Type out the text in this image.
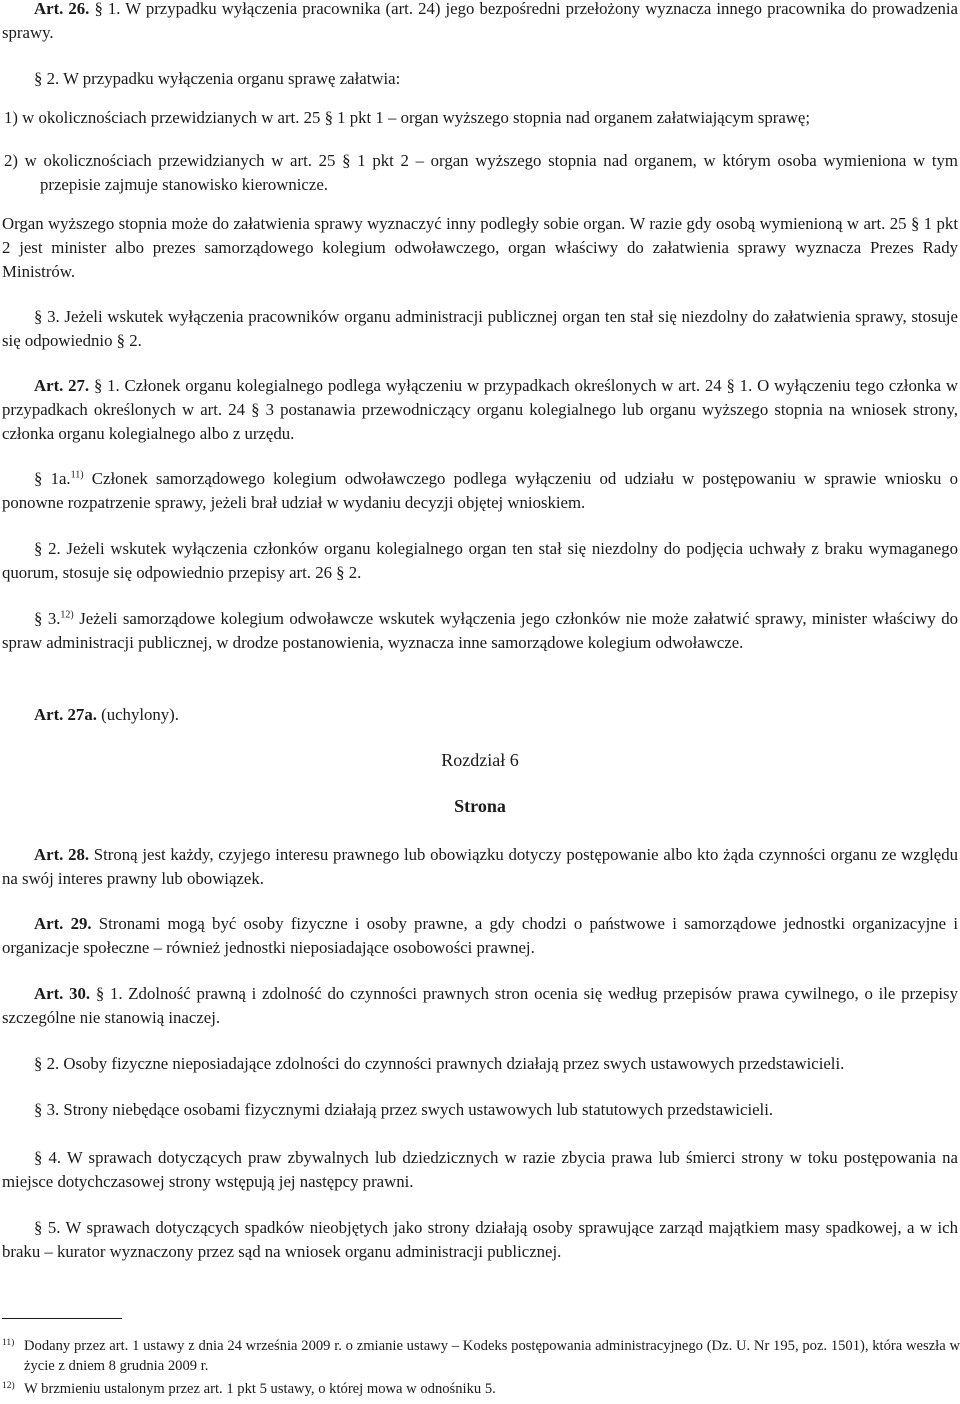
Art. 26. § 1. W przypadku wyłączenia pracownika (art. 24) jego bezpośredni przełożony wyznacza innego pracownika do prowadzenia sprawy.

§ 2. W przypadku wyłączenia organu sprawę załatwia:

1) w okolicznościach przewidzianych w art. 25 § 1 pkt 1 – organ wyższego stopnia nad organem załatwiającym sprawę;

2) w okolicznościach przewidzianych w art. 25 § 1 pkt 2 – organ wyższego stopnia nad organem, w którym osoba wymieniona w tym przepisie zajmuje stanowisko kierownicze.

Organ wyższego stopnia może do załatwienia sprawy wyznaczyć inny podległy sobie organ. W razie gdy osobą wymienioną w art. 25 § 1 pkt 2 jest minister albo prezes samorządowego kolegium odwoławczego, organ właściwy do załatwienia sprawy wyznacza Prezes Rady Ministrów.

§ 3. Jeżeli wskutek wyłączenia pracowników organu administracji publicznej organ ten stał się niezdolny do załatwienia sprawy, stosuje się odpowiednio § 2.

Art. 27. § 1. Członek organu kolegialnego podlega wyłączeniu w przypadkach określonych w art. 24 § 1. O wyłączeniu tego członka w przypadkach określonych w art. 24 § 3 postanawia przewodniczący organu kolegialnego lub organu wyższego stopnia na wniosek strony, członka organu kolegialnego albo z urzędu.

§ 1a.$^{11)}$ Członek samorządowego kolegium odwoławczego podlega wyłączeniu od udziału w postępowaniu w sprawie wniosku o ponowne rozpatrzenie sprawy, jeżeli brał udział w wydaniu decyzji objętej wnioskiem.

§ 2. Jeżeli wskutek wyłączenia członków organu kolegialnego organ ten stał się niezdolny do podjęcia uchwały z braku wymaganego quorum, stosuje się odpowiednio przepisy art. 26 § 2.

§ 3.$^{12)}$ Jeżeli samorządowe kolegium odwoławcze wskutek wyłączenia jego członków nie może załatwić sprawy, minister właściwy do spraw administracji publicznej, w drodze postanowienia, wyznacza inne samorządowe kolegium odwoławcze.

Art. 27a. (uchylony).

Rozdział 6

Strona

Art. 28. Stroną jest każdy, czyjego interesu prawnego lub obowiązku dotyczy postępowanie albo kto żąda czynności organu ze względu na swój interes prawny lub obowiązek.

Art. 29. Stronami mogą być osoby fizyczne i osoby prawne, a gdy chodzi o państwowe i samorządowe jednostki organizacyjne i organizacje społeczne – również jednostki nieposiadające osobowości prawnej.

Art. 30. § 1. Zdolność prawną i zdolność do czynności prawnych stron ocenia się według przepisów prawa cywilnego, o ile przepisy szczególne nie stanowią inaczej.

§ 2. Osoby fizyczne nieposiadające zdolności do czynności prawnych działają przez swych ustawowych przedstawicieli.

§ 3. Strony niebędące osobami fizycznymi działają przez swych ustawowych lub statutowych przedstawicieli.

§ 4. W sprawach dotyczących praw zbywalnych lub dziedzicznych w razie zbycia prawa lub śmierci strony w toku postępowania na miejsce dotychczasowej strony wstępują jej następcy prawni.

§ 5. W sprawach dotyczących spadków nieobjętych jako strony działają osoby sprawujące zarząd majątkiem masy spadkowej, a w ich braku – kurator wyznaczony przez sąd na wniosek organu administracji publicznej.

11) Dodany przez art. 1 ustawy z dnia 24 września 2009 r. o zmianie ustawy – Kodeks postępowania administracyjnego (Dz. U. Nr 195, poz. 1501), która weszła w życie z dniem 8 grudnia 2009 r.
12) W brzmieniu ustalonym przez art. 1 pkt 5 ustawy, o której mowa w odnośniku 5.
